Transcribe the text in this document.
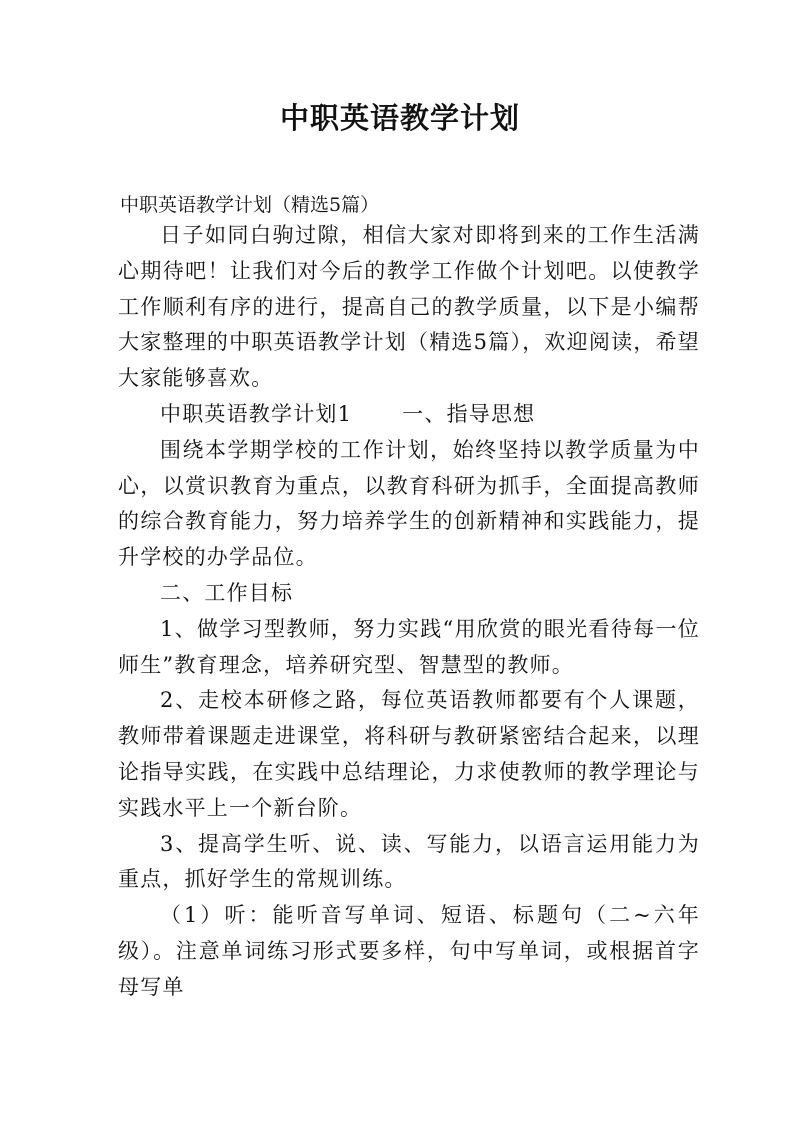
中职英语教学计划
中职英语教学计划（精选5篇）

日子如同白驹过隙，相信大家对即将到来的工作生活满心期待吧！让我们对今后的教学工作做个计划吧。以使教学工作顺利有序的进行，提高自己的教学质量，以下是小编帮大家整理的中职英语教学计划（精选5篇），欢迎阅读，希望大家能够喜欢。

中职英语教学计划1 一、指导思想

围绕本学期学校的工作计划，始终坚持以教学质量为中心，以赏识教育为重点，以教育科研为抓手，全面提高教师的综合教育能力，努力培养学生的创新精神和实践能力，提升学校的办学品位。

二、工作目标

1、做学习型教师，努力实践“用欣赏的眼光看待每一位师生”教育理念，培养研究型、智慧型的教师。

2、走校本研修之路，每位英语教师都要有个人课题，教师带着课题走进课堂，将科研与教研紧密结合起来，以理论指导实践，在实践中总结理论，力求使教师的教学理论与实践水平上一个新台阶。

3、提高学生听、说、读、写能力，以语言运用能力为重点，抓好学生的常规训练。

（1）听：能听音写单词、短语、标题句（二~六年级）。注意单词练习形式要多样，句中写单词，或根据首字母写单
